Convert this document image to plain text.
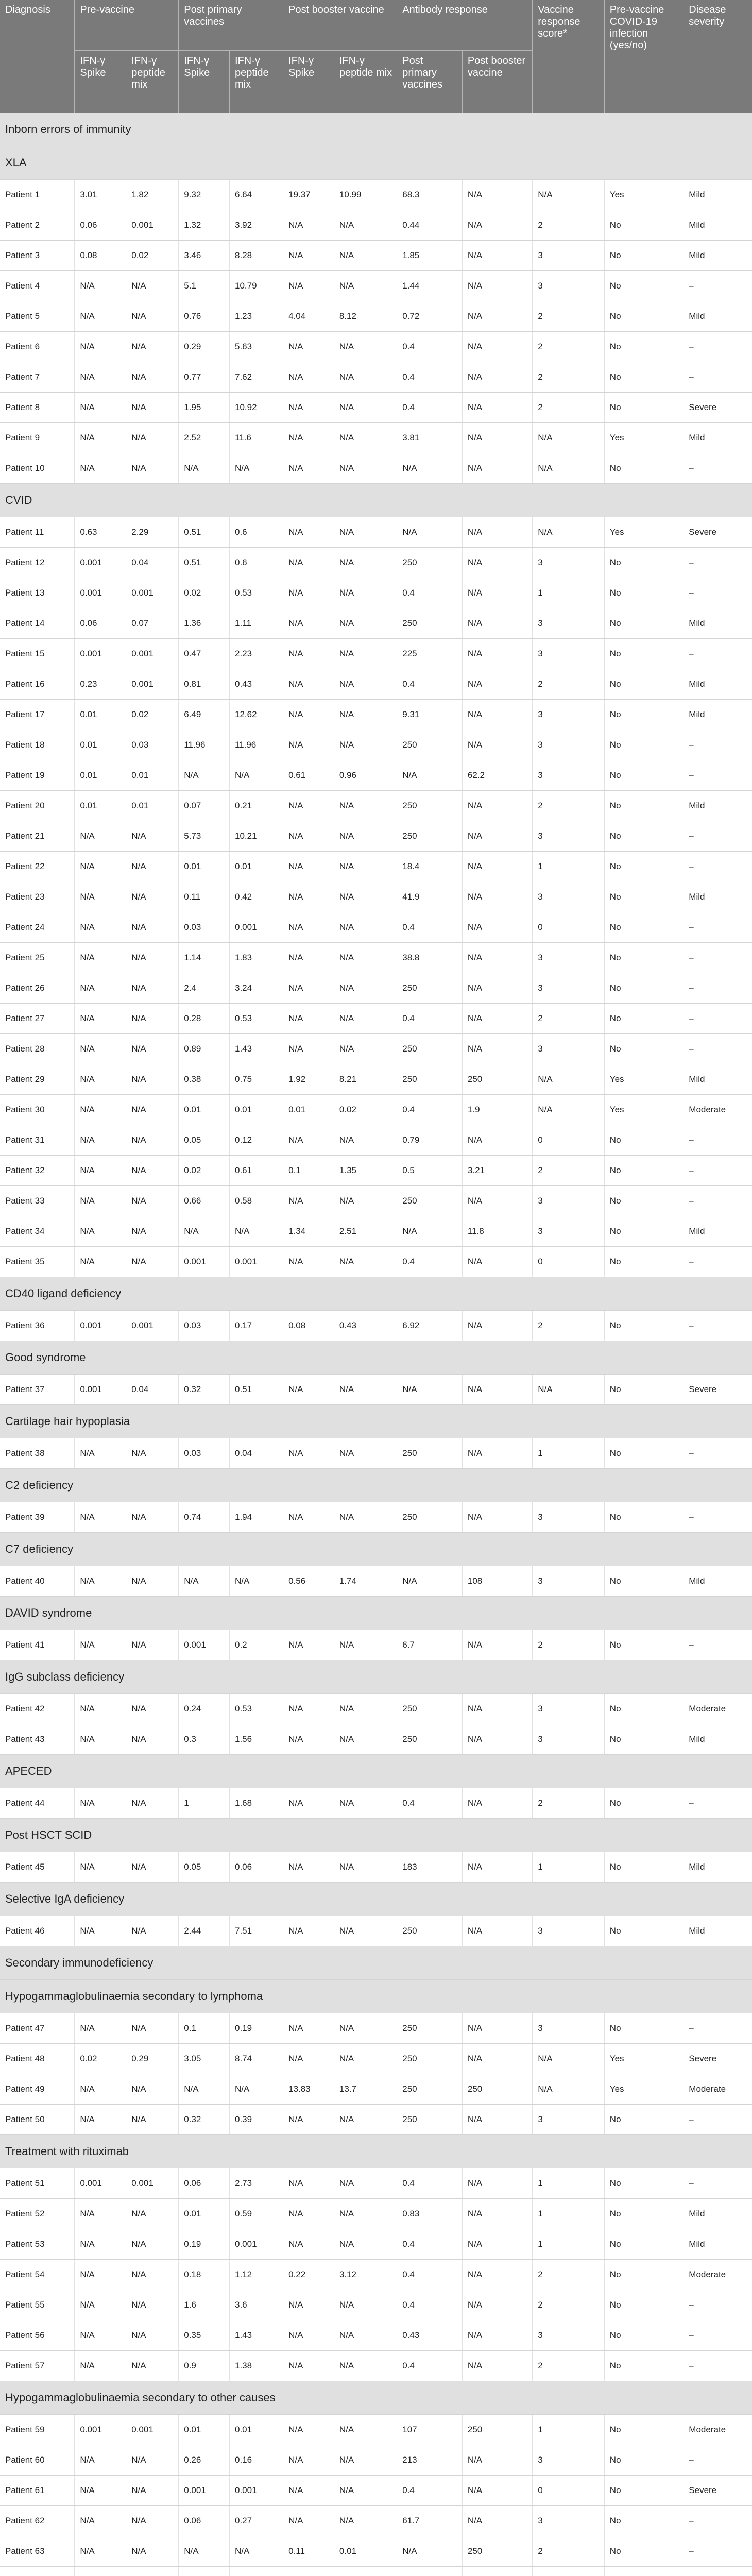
Diagnosis	Pre-vaccine		Post primary vaccines		Post booster vaccine		Antibody response		Vaccine response score*	Pre-vaccine COVID-19 infection (yes/no)	Disease severity
	IFN-γ Spike	IFN-γ peptide mix	IFN-γ Spike	IFN-γ peptide mix	IFN-γ Spike	IFN-γ peptide mix	Post primary vaccines	Post booster vaccine			
Inborn errors of immunity											
XLA											
Patient 1	3.01	1.82	9.32	6.64	19.37	10.99	68.3	N/A	N/A	Yes	Mild
Patient 2	0.06	0.001	1.32	3.92	N/A	N/A	0.44	N/A	2	No	Mild
Patient 3	0.08	0.02	3.46	8.28	N/A	N/A	1.85	N/A	3	No	Mild
Patient 4	N/A	N/A	5.1	10.79	N/A	N/A	1.44	N/A	3	No	–
Patient 5	N/A	N/A	0.76	1.23	4.04	8.12	0.72	N/A	2	No	Mild
Patient 6	N/A	N/A	0.29	5.63	N/A	N/A	0.4	N/A	2	No	–
Patient 7	N/A	N/A	0.77	7.62	N/A	N/A	0.4	N/A	2	No	–
Patient 8	N/A	N/A	1.95	10.92	N/A	N/A	0.4	N/A	2	No	Severe
Patient 9	N/A	N/A	2.52	11.6	N/A	N/A	3.81	N/A	N/A	Yes	Mild
Patient 10	N/A	N/A	N/A	N/A	N/A	N/A	N/A	N/A	N/A	No	–
CVID											
Patient 11	0.63	2.29	0.51	0.6	N/A	N/A	N/A	N/A	N/A	Yes	Severe
Patient 12	0.001	0.04	0.51	0.6	N/A	N/A	250	N/A	3	No	–
Patient 13	0.001	0.001	0.02	0.53	N/A	N/A	0.4	N/A	1	No	–
Patient 14	0.06	0.07	1.36	1.11	N/A	N/A	250	N/A	3	No	Mild
Patient 15	0.001	0.001	0.47	2.23	N/A	N/A	225	N/A	3	No	–
Patient 16	0.23	0.001	0.81	0.43	N/A	N/A	0.4	N/A	2	No	Mild
Patient 17	0.01	0.02	6.49	12.62	N/A	N/A	9.31	N/A	3	No	Mild
Patient 18	0.01	0.03	11.96	11.96	N/A	N/A	250	N/A	3	No	–
Patient 19	0.01	0.01	N/A	N/A	0.61	0.96	N/A	62.2	3	No	–
Patient 20	0.01	0.01	0.07	0.21	N/A	N/A	250	N/A	2	No	Mild
Patient 21	N/A	N/A	5.73	10.21	N/A	N/A	250	N/A	3	No	–
Patient 22	N/A	N/A	0.01	0.01	N/A	N/A	18.4	N/A	1	No	–
Patient 23	N/A	N/A	0.11	0.42	N/A	N/A	41.9	N/A	3	No	Mild
Patient 24	N/A	N/A	0.03	0.001	N/A	N/A	0.4	N/A	0	No	–
Patient 25	N/A	N/A	1.14	1.83	N/A	N/A	38.8	N/A	3	No	–
Patient 26	N/A	N/A	2.4	3.24	N/A	N/A	250	N/A	3	No	–
Patient 27	N/A	N/A	0.28	0.53	N/A	N/A	0.4	N/A	2	No	–
Patient 28	N/A	N/A	0.89	1.43	N/A	N/A	250	N/A	3	No	–
Patient 29	N/A	N/A	0.38	0.75	1.92	8.21	250	250	N/A	Yes	Mild
Patient 30	N/A	N/A	0.01	0.01	0.01	0.02	0.4	1.9	N/A	Yes	Moderate
Patient 31	N/A	N/A	0.05	0.12	N/A	N/A	0.79	N/A	0	No	–
Patient 32	N/A	N/A	0.02	0.61	0.1	1.35	0.5	3.21	2	No	–
Patient 33	N/A	N/A	0.66	0.58	N/A	N/A	250	N/A	3	No	–
Patient 34	N/A	N/A	N/A	N/A	1.34	2.51	N/A	11.8	3	No	Mild
Patient 35	N/A	N/A	0.001	0.001	N/A	N/A	0.4	N/A	0	No	–
CD40 ligand deficiency											
Patient 36	0.001	0.001	0.03	0.17	0.08	0.43	6.92	N/A	2	No	–
Good syndrome											
Patient 37	0.001	0.04	0.32	0.51	N/A	N/A	N/A	N/A	N/A	No	Severe
Cartilage hair hypoplasia											
Patient 38	N/A	N/A	0.03	0.04	N/A	N/A	250	N/A	1	No	–
C2 deficiency											
Patient 39	N/A	N/A	0.74	1.94	N/A	N/A	250	N/A	3	No	–
C7 deficiency											
Patient 40	N/A	N/A	N/A	N/A	0.56	1.74	N/A	108	3	No	Mild
DAVID syndrome											
Patient 41	N/A	N/A	0.001	0.2	N/A	N/A	6.7	N/A	2	No	–
IgG subclass deficiency											
Patient 42	N/A	N/A	0.24	0.53	N/A	N/A	250	N/A	3	No	Moderate
Patient 43	N/A	N/A	0.3	1.56	N/A	N/A	250	N/A	3	No	Mild
APECED											
Patient 44	N/A	N/A	1	1.68	N/A	N/A	0.4	N/A	2	No	–
Post HSCT SCID											
Patient 45	N/A	N/A	0.05	0.06	N/A	N/A	183	N/A	1	No	Mild
Selective IgA deficiency											
Patient 46	N/A	N/A	2.44	7.51	N/A	N/A	250	N/A	3	No	Mild
Secondary immunodeficiency											
Hypogammaglobulinaemia secondary to lymphoma											
Patient 47	N/A	N/A	0.1	0.19	N/A	N/A	250	N/A	3	No	–
Patient 48	0.02	0.29	3.05	8.74	N/A	N/A	250	N/A	N/A	Yes	Severe
Patient 49	N/A	N/A	N/A	N/A	13.83	13.7	250	250	N/A	Yes	Moderate
Patient 50	N/A	N/A	0.32	0.39	N/A	N/A	250	N/A	3	No	–
Treatment with rituximab											
Patient 51	0.001	0.001	0.06	2.73	N/A	N/A	0.4	N/A	1	No	–
Patient 52	N/A	N/A	0.01	0.59	N/A	N/A	0.83	N/A	1	No	Mild
Patient 53	N/A	N/A	0.19	0.001	N/A	N/A	0.4	N/A	1	No	Mild
Patient 54	N/A	N/A	0.18	1.12	0.22	3.12	0.4	N/A	2	No	Moderate
Patient 55	N/A	N/A	1.6	3.6	N/A	N/A	0.4	N/A	2	No	–
Patient 56	N/A	N/A	0.35	1.43	N/A	N/A	0.43	N/A	3	No	–
Patient 57	N/A	N/A	0.9	1.38	N/A	N/A	0.4	N/A	2	No	–
Hypogammaglobulinaemia secondary to other causes											
Patient 59	0.001	0.001	0.01	0.01	N/A	N/A	107	250	1	No	Moderate
Patient 60	N/A	N/A	0.26	0.16	N/A	N/A	213	N/A	3	No	–
Patient 61	N/A	N/A	0.001	0.001	N/A	N/A	0.4	N/A	0	No	Severe
Patient 62	N/A	N/A	0.06	0.27	N/A	N/A	61.7	N/A	3	No	–
Patient 63	N/A	N/A	N/A	N/A	0.11	0.01	N/A	250	2	No	–
